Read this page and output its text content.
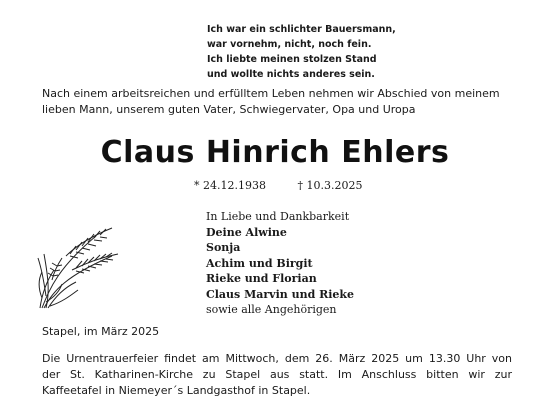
Ich war ein schlichter Bauersmann,
war vornehm, nicht, noch fein.
Ich liebte meinen stolzen Stand
und wollte nichts anderes sein.
Nach einem arbeitsreichen und erfülltem Leben nehmen wir Abschied von meinem
lieben Mann, unserem guten Vater, Schwiegervater, Opa und Uropa
Claus Hinrich Ehlers
* 24.12.1938	† 10.3.2025
In Liebe und Dankbarkeit
Deine Alwine
Sonja
Achim und Birgit
Rieke und Florian
Claus Marvin und Rieke
sowie alle Angehörigen
Stapel, im März 2025
Die Urnentrauerfeier findet am Mittwoch, dem 26. März 2025 um 13.30 Uhr von
der St. Katharinen-Kirche zu Stapel aus statt. Im Anschluss bitten wir zur
Kaffeetafel in Niemeyer´s Landgasthof in Stapel.
